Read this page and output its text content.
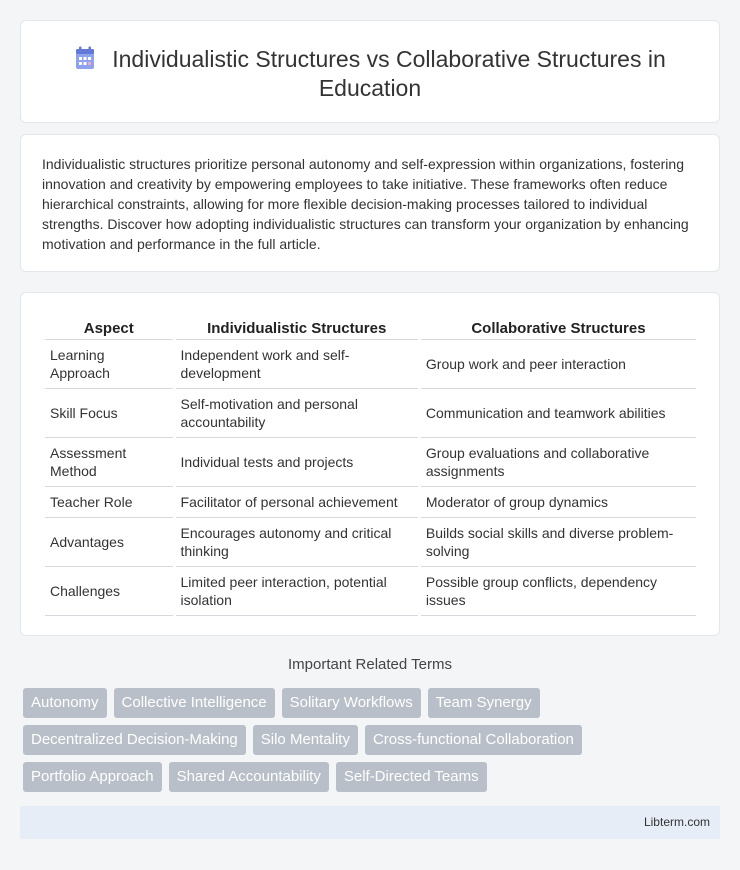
Individualistic Structures vs Collaborative Structures in Education

Individualistic structures prioritize personal autonomy and self-expression within organizations, fostering innovation and creativity by empowering employees to take initiative. These frameworks often reduce hierarchical constraints, allowing for more flexible decision-making processes tailored to individual strengths. Discover how adopting individualistic structures can transform your organization by enhancing motivation and performance in the full article.

Aspect	Individualistic Structures	Collaborative Structures
Learning Approach	Independent work and self-development	Group work and peer interaction
Skill Focus	Self-motivation and personal accountability	Communication and teamwork abilities
Assessment Method	Individual tests and projects	Group evaluations and collaborative assignments
Teacher Role	Facilitator of personal achievement	Moderator of group dynamics
Advantages	Encourages autonomy and critical thinking	Builds social skills and diverse problem-solving
Challenges	Limited peer interaction, potential isolation	Possible group conflicts, dependency issues
Important Related Terms
Autonomy	Collective Intelligence	Solitary Workflows	Team Synergy
Decentralized Decision-Making	Silo Mentality	Cross-functional Collaboration
Portfolio Approach	Shared Accountability	Self-Directed Teams
Libterm.com
